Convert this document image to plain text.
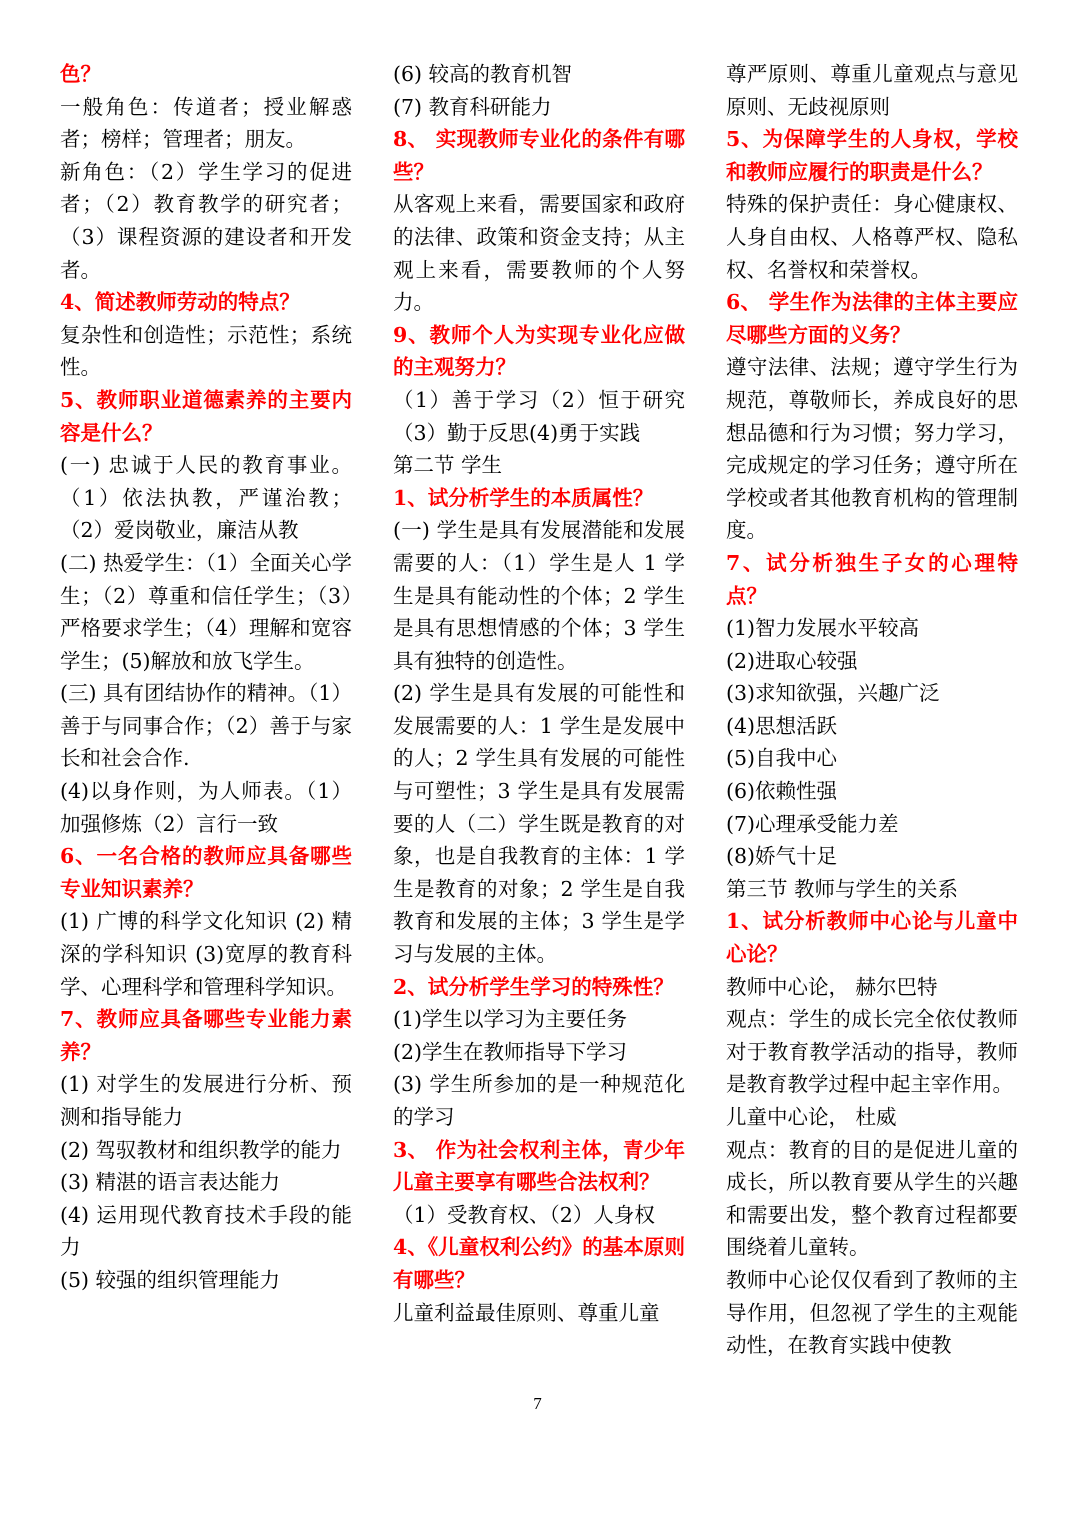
色？

一般角色：传道者；授业解惑者；榜样；管理者；朋友。

新角色：（2）学生学习的促进者；（2）教育教学的研究者；（3）课程资源的建设者和开发者。

4、简述教师劳动的特点？

复杂性和创造性；示范性；系统性。

5、教师职业道德素养的主要内容是什么？

(一) 忠诚于人民的教育事业。（1）依法执教，严谨治教；（2）爱岗敬业，廉洁从教

(二) 热爱学生：（1）全面关心学生；（2）尊重和信任学生；（3）严格要求学生；（4）理解和宽容学生；(5)解放和放飞学生。

(三) 具有团结协作的精神。（1）善于与同事合作；（2）善于与家长和社会合作.

(4)以身作则，为人师表。（1）加强修炼（2）言行一致

6、一名合格的教师应具备哪些专业知识素养？

(1) 广博的科学文化知识 (2) 精深的学科知识 (3)宽厚的教育科学、心理科学和管理科学知识。

7、教师应具备哪些专业能力素养？

(1) 对学生的发展进行分析、预测和指导能力

(2) 驾驭教材和组织教学的能力

(3) 精湛的语言表达能力

(4) 运用现代教育技术手段的能力

(5) 较强的组织管理能力

(6) 较高的教育机智

(7) 教育科研能力

8、 实现教师专业化的条件有哪些？

从客观上来看，需要国家和政府的法律、政策和资金支持；从主观上来看，需要教师的个人努力。

9、教师个人为实现专业化应做的主观努力？

（1）善于学习（2）恒于研究（3）勤于反思(4)勇于实践

第二节 学生

1、试分析学生的本质属性？

(一) 学生是具有发展潜能和发展需要的人：（1）学生是人 1 学生是具有能动性的个体；2 学生是具有思想情感的个体；3 学生具有独特的创造性。

(2) 学生是具有发展的可能性和发展需要的人：1 学生是发展中的人；2 学生具有发展的可能性与可塑性；3 学生是具有发展需要的人（二）学生既是教育的对象，也是自我教育的主体：1 学生是教育的对象；2 学生是自我教育和发展的主体；3 学生是学习与发展的主体。

2、试分析学生学习的特殊性？

(1)学生以学习为主要任务

(2)学生在教师指导下学习

(3) 学生所参加的是一种规范化的学习

3、 作为社会权利主体，青少年儿童主要享有哪些合法权利？

（1）受教育权、（2）人身权

4、《儿童权利公约》的基本原则有哪些？

儿童利益最佳原则、尊重儿童

尊严原则、尊重儿童观点与意见原则、无歧视原则

5、为保障学生的人身权，学校和教师应履行的职责是什么？

特殊的保护责任：身心健康权、人身自由权、人格尊严权、隐私权、名誉权和荣誉权。

6、 学生作为法律的主体主要应尽哪些方面的义务？

遵守法律、法规；遵守学生行为规范，尊敬师长，养成良好的思想品德和行为习惯；努力学习，完成规定的学习任务；遵守所在学校或者其他教育机构的管理制度。

7、试分析独生子女的心理特点？

(1)智力发展水平较高

(2)进取心较强

(3)求知欲强，兴趣广泛

(4)思想活跃

(5)自我中心

(6)依赖性强

(7)心理承受能力差

(8)娇气十足

第三节 教师与学生的关系

1、试分析教师中心论与儿童中心论？

教师中心论， 赫尔巴特

观点：学生的成长完全依仗教师对于教育教学活动的指导，教师是教育教学过程中起主宰作用。

儿童中心论， 杜威

观点：教育的目的是促进儿童的成长，所以教育要从学生的兴趣和需要出发，整个教育过程都要围绕着儿童转。

教师中心论仅仅看到了教师的主导作用，但忽视了学生的主观能动性，在教育实践中使教

7
